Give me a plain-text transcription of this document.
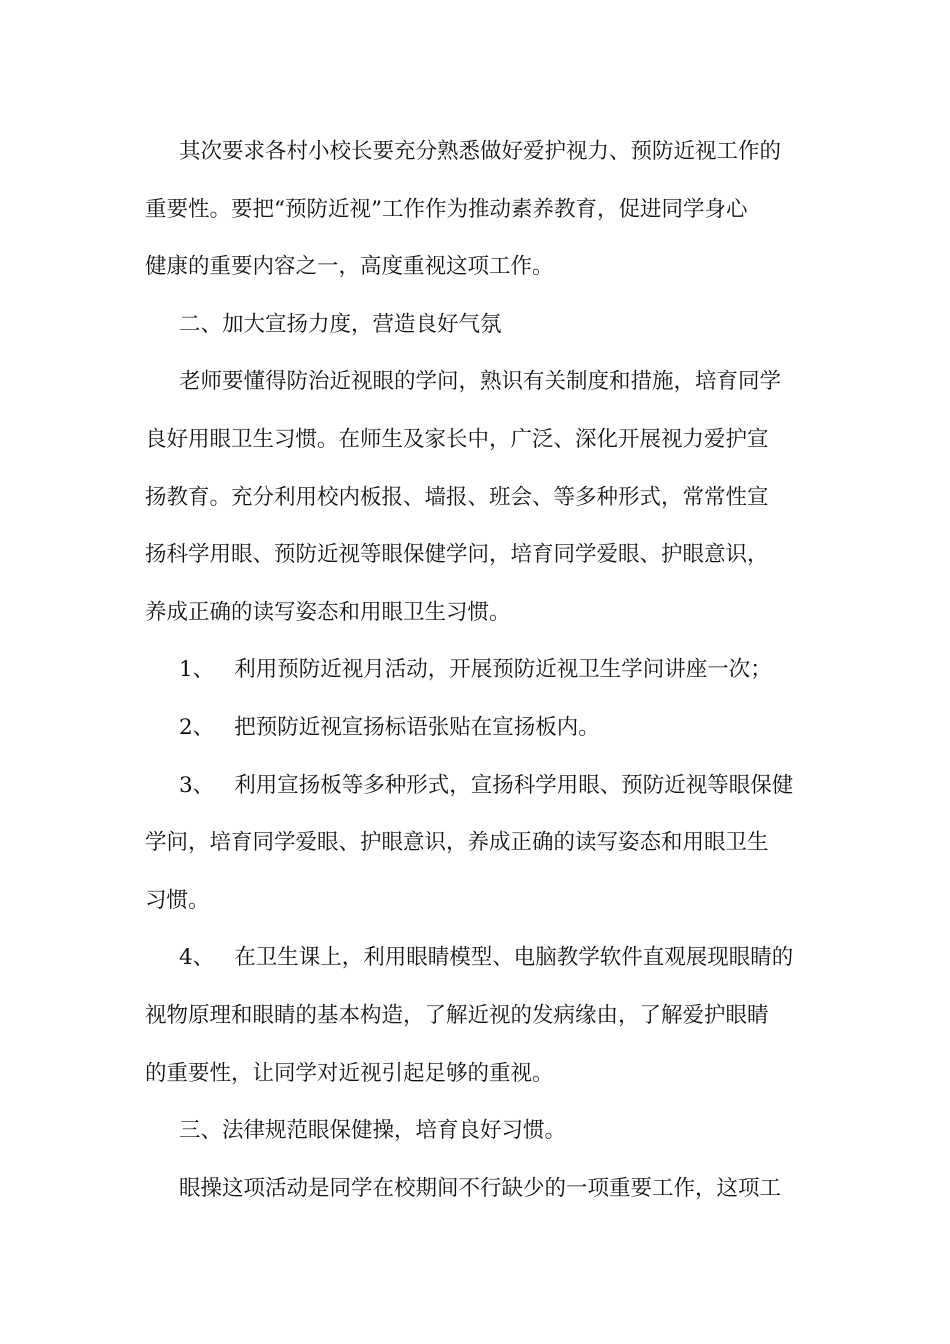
其次要求各村小校长要充分熟悉做好爱护视力、预防近视工作的
重要性。要把“预防近视”工作作为推动素养教育，促进同学身心
健康的重要内容之一，高度重视这项工作。

二、加大宣扬力度，营造良好气氛

老师要懂得防治近视眼的学问，熟识有关制度和措施，培育同学
良好用眼卫生习惯。在师生及家长中，广泛、深化开展视力爱护宣
扬教育。充分利用校内板报、墙报、班会、等多种形式，常常性宣
扬科学用眼、预防近视等眼保健学问，培育同学爱眼、护眼意识，
养成正确的读写姿态和用眼卫生习惯。

1、 利用预防近视月活动，开展预防近视卫生学问讲座一次；

2、 把预防近视宣扬标语张贴在宣扬板内。

3、 利用宣扬板等多种形式，宣扬科学用眼、预防近视等眼保健
学问，培育同学爱眼、护眼意识，养成正确的读写姿态和用眼卫生
习惯。

4、 在卫生课上，利用眼睛模型、电脑教学软件直观展现眼睛的
视物原理和眼睛的基本构造，了解近视的发病缘由，了解爱护眼睛
的重要性，让同学对近视引起足够的重视。

三、法律规范眼保健操，培育良好习惯。

眼操这项活动是同学在校期间不行缺少的一项重要工作，这项工
